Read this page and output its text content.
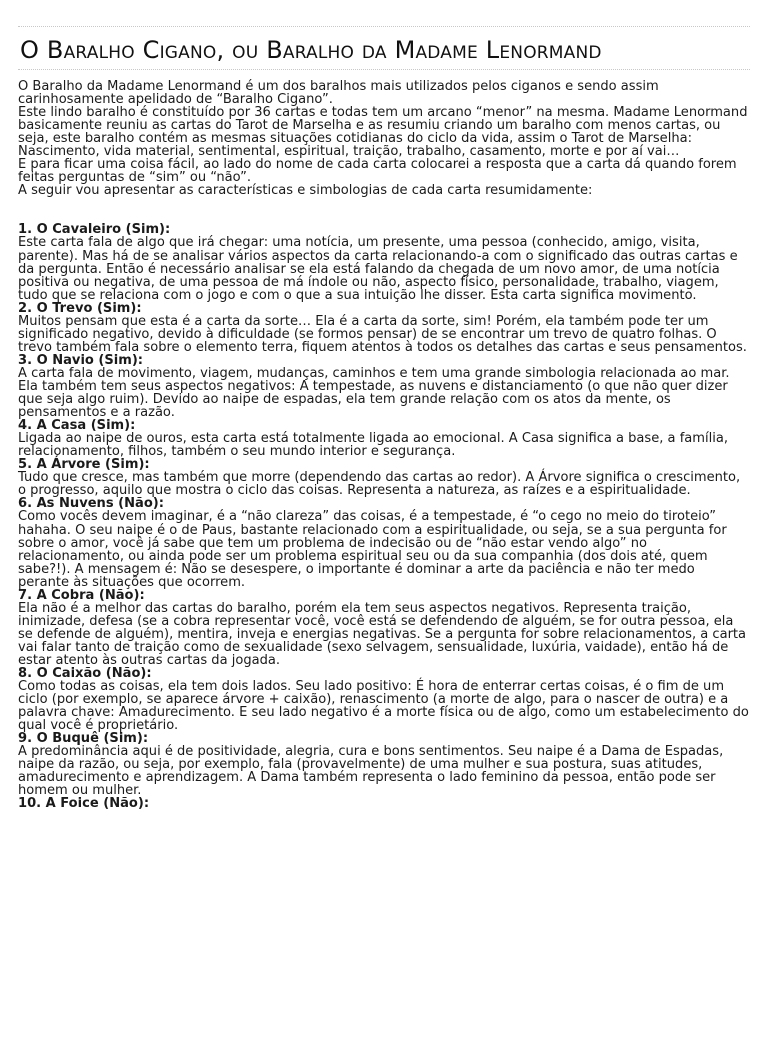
O Baralho Cigano, ou Baralho da Madame Lenormand

O Baralho da Madame Lenormand é um dos baralhos mais utilizados pelos ciganos e sendo assim carinhosamente apelidado de “Baralho Cigano”.

Este lindo baralho é constituído por 36 cartas e todas tem um arcano “menor” na mesma. Madame Lenormand basicamente reuniu as cartas do Tarot de Marselha e as resumiu criando um baralho com menos cartas, ou seja, este baralho contém as mesmas situações cotidianas do ciclo da vida, assim o Tarot de Marselha: Nascimento, vida material, sentimental, espiritual, traição, trabalho, casamento, morte e por aí vai…

E para ficar uma coisa fácil, ao lado do nome de cada carta colocarei a resposta que a carta dá quando forem feitas perguntas de “sim” ou “não”.

A seguir vou apresentar as características e simbologias de cada carta resumidamente:

1. O Cavaleiro (Sim):
Este carta fala de algo que irá chegar: uma notícia, um presente, uma pessoa (conhecido, amigo, visita, parente). Mas há de se analisar vários aspectos da carta relacionando-a com o significado das outras cartas e da pergunta. Então é necessário analisar se ela está falando da chegada de um novo amor, de uma notícia positiva ou negativa, de uma pessoa de má índole ou não, aspecto físico, personalidade, trabalho, viagem, tudo que se relaciona com o jogo e com o que a sua intuição lhe disser. Esta carta significa movimento.
2. O Trevo (Sim):
Muitos pensam que esta é a carta da sorte… Ela é a carta da sorte, sim! Porém, ela também pode ter um significado negativo, devido à dificuldade (se formos pensar) de se encontrar um trevo de quatro folhas. O trevo também fala sobre o elemento terra, fiquem atentos à todos os detalhes das cartas e seus pensamentos.
3. O Navio (Sim):
A carta fala de movimento, viagem, mudanças, caminhos e tem uma grande simbologia relacionada ao mar. Ela também tem seus aspectos negativos: A tempestade, as nuvens e distanciamento (o que não quer dizer que seja algo ruim). Devido ao naipe de espadas, ela tem grande relação com os atos da mente, os pensamentos e a razão.
4. A Casa (Sim):
Ligada ao naipe de ouros, esta carta está totalmente ligada ao emocional. A Casa significa a base, a família, relacionamento, filhos, também o seu mundo interior e segurança.
5. A Árvore (Sim):
Tudo que cresce, mas também que morre (dependendo das cartas ao redor). A Árvore significa o crescimento, o progresso, aquilo que mostra o ciclo das coisas. Representa a natureza, as raízes e a espiritualidade.
6. As Nuvens (Não):
Como vocês devem imaginar, é a “não clareza” das coisas, é a tempestade, é “o cego no meio do tiroteio” hahaha. O seu naipe é o de Paus, bastante relacionado com a espiritualidade, ou seja, se a sua pergunta for sobre o amor, você já sabe que tem um problema de indecisão ou de “não estar vendo algo” no relacionamento, ou ainda pode ser um problema espiritual seu ou da sua companhia (dos dois até, quem sabe?!). A mensagem é: Não se desespere, o importante é dominar a arte da paciência e não ter medo perante às situações que ocorrem.
7. A Cobra (Não):
Ela não é a melhor das cartas do baralho, porém ela tem seus aspectos negativos. Representa traição, inimizade, defesa (se a cobra representar você, você está se defendendo de alguém, se for outra pessoa, ela se defende de alguém), mentira, inveja e energias negativas. Se a pergunta for sobre relacionamentos, a carta vai falar tanto de traição como de sexualidade (sexo selvagem, sensualidade, luxúria, vaidade), então há de estar atento às outras cartas da jogada.
8. O Caixão (Não):
Como todas as coisas, ela tem dois lados. Seu lado positivo: É hora de enterrar certas coisas, é o fim de um ciclo (por exemplo, se aparece árvore + caixão), renascimento (a morte de algo, para o nascer de outra) e a palavra chave: Amadurecimento. E seu lado negativo é a morte física ou de algo, como um estabelecimento do qual você é proprietário.
9. O Buquê (Sim):
A predominância aqui é de positividade, alegria, cura e bons sentimentos. Seu naipe é a Dama de Espadas, naipe da razão, ou seja, por exemplo, fala (provavelmente) de uma mulher e sua postura, suas atitudes, amadurecimento e aprendizagem. A Dama também representa o lado feminino da pessoa, então pode ser homem ou mulher.
10. A Foice (Não):
